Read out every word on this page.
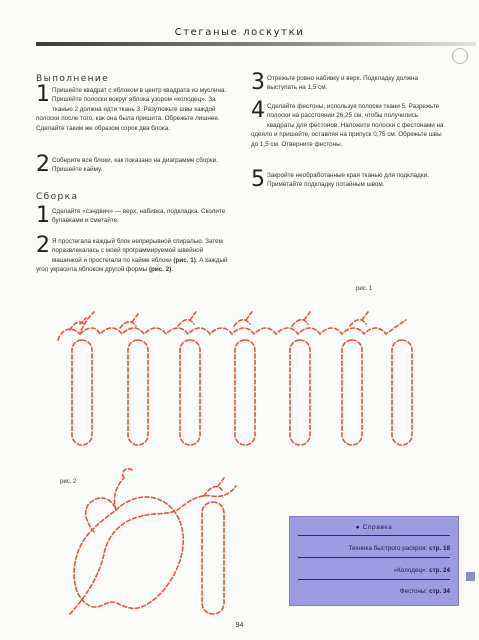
Стеганые лоскутки
Выполнение
1 Пришейте квадрат с яблоком в центр квадрата из муслина. Пришейте полоски вокруг яблока узором «колодец». За тканью 2 должна идти ткань 3. Разутюжьте швы каждой полоски после того, как она была пришита. Обрежьте лишнее. Сделайте таким же образом сорок два блока.
2 Соберите все блоки, как показано на диаграмме сборки. Пришейте кайму.
Сборка
1 Сделайте «сэндвич» — верх, набивка, подкладка. Сколите булавками и сметайте.
2 Я простегала каждый блок непрерывной спиралью. Затем поразвлекалась с моей программируемой швейной машинкой и простегала по кайме яблоки (рис. 1). А каждый угол украсила яблоком другой формы (рис. 2).
3 Отрежьте ровно набивку и верх. Подкладку должна выступать на 1,5 см.
4 Сделайте фестоны, используя полоски ткани 5. Разрежьте полоски на расстоянии 26,25 см, чтобы получились квадраты для фестонов. Наложите полоски с фестонами на одеяло и пришейте, оставляя на припуск 0,75 см. Обрежьте швы до 1,5 см. Отверните фестоны.
5 Закройте необработанные края тканью для подкладки. Приметайте подкладку потайным швом.
рис. 1
рис. 2
● Справка
Техника быстрого раскроя: стр. 18
«Колодец»: стр. 24
Фестоны: стр. 34
94
